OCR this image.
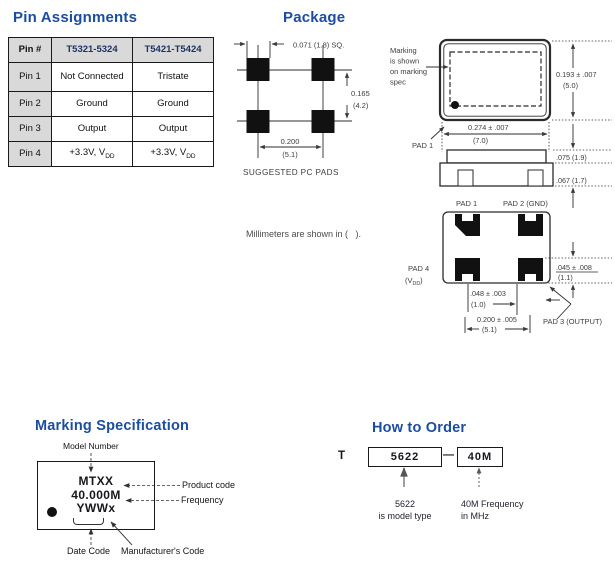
Pin Assignments
Pin #	T5321-5324	T5421-T5424
Pin 1	Not Connected	Tristate
Pin 2	Ground	Ground
Pin 3	Output	Output
Pin 4	+3.3V, $V_{DD}$	+3.3V, $V_{DD}$
Package
0.071 (1.8) SQ.
0.165
(4.2)
0.200
(5.1)
SUGGESTED PC PADS
Marking
is shown
on marking
spec
0.193 ± .007
(5.0)
PAD 1
0.274 ± .007
(7.0)
.075 (1.9)
.067 (1.7)
PAD 1	PAD 2 (GND)
PAD 4
$(V_{DD})$
.045 ± .008
(1.1)
.048 ± .003
(1.0)
0.200 ± .005
(5.1)
PAD 3 (OUTPUT)
Millimeters are shown in (   ).
Marking Specification
Model Number
MTXX
40.000M
YWWx
Product code
Frequency
Date Code Manufacturer's Code
How to Order
T	5622	—	40M
5622
is model type
40M Frequency
in MHz
